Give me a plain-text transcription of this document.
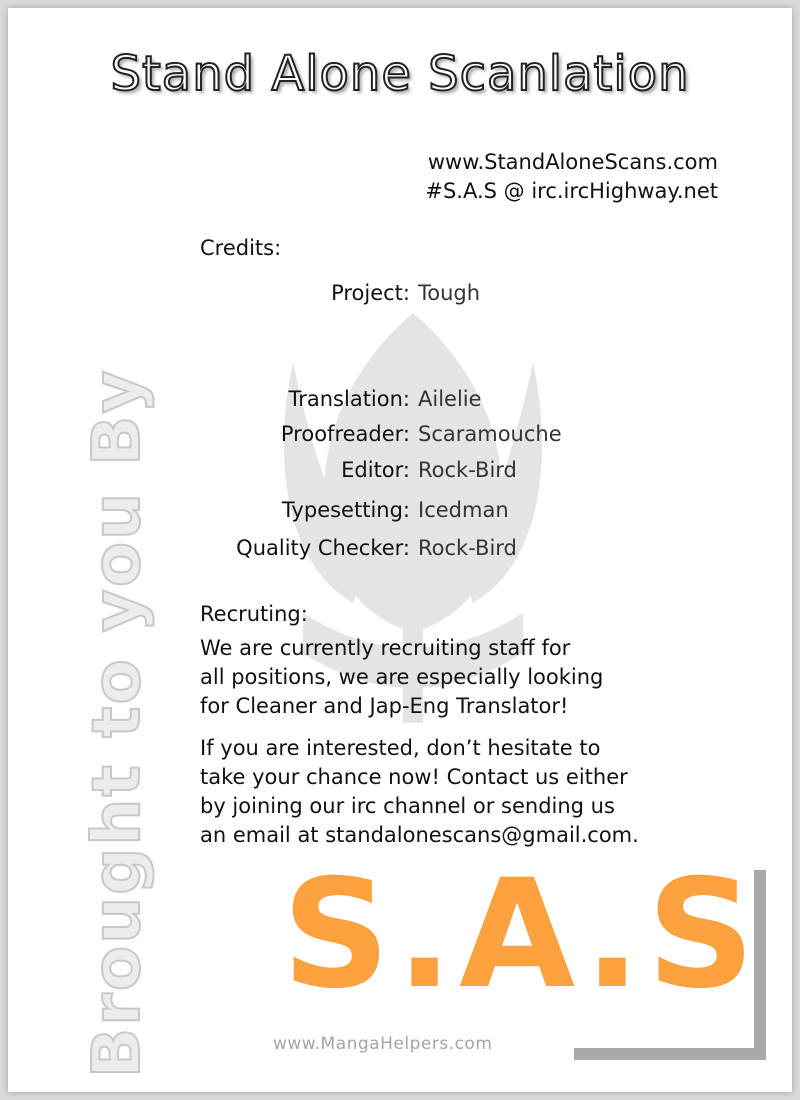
Stand Alone Scanlation
www.StandAloneScans.com
#S.A.S @ irc.ircHighway.net
Brought to you By
Credits:
Project: Tough
Translation: Ailelie
Proofreader: Scaramouche
Editor: Rock-Bird
Typesetting: Icedman
Quality Checker: Rock-Bird
Recruting:
We are currently recruiting staff for
all positions, we are especially looking
for Cleaner and Jap-Eng Translator!
If you are interested, don’t hesitate to
take your chance now! Contact us either
by joining our irc channel or sending us
an email at standalonescans@gmail.com.
S.A.S
www.MangaHelpers.com
